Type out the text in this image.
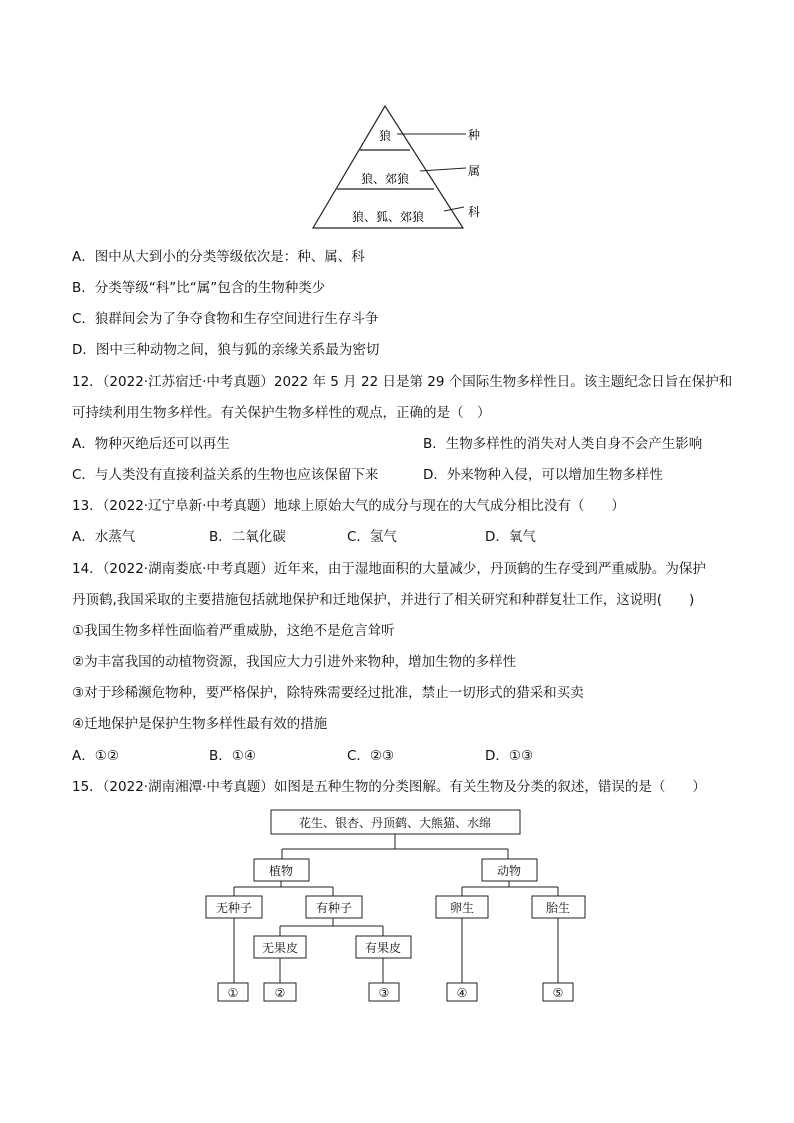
狼
狼、郊狼
狼、狐、郊狼
种
属
科
A．图中从大到小的分类等级依次是：种、属、科
B．分类等级“科”比“属”包含的生物种类少
C．狼群间会为了争夺食物和生存空间进行生存斗争
D．图中三种动物之间，狼与狐的亲缘关系最为密切
12．（2022·江苏宿迁·中考真题）2022 年 5 月 22 日是第 29 个国际生物多样性日。该主题纪念日旨在保护和
可持续利用生物多样性。有关保护生物多样性的观点，正确的是（　）
A．物种灭绝后还可以再生	B．生物多样性的消失对人类自身不会产生影响
C．与人类没有直接利益关系的生物也应该保留下来	D．外来物种入侵，可以增加生物多样性
13．（2022·辽宁阜新·中考真题）地球上原始大气的成分与现在的大气成分相比没有（　　）
A．水蒸气	B．二氧化碳	C．氢气	D．氧气
14．（2022·湖南娄底·中考真题）近年来，由于湿地面积的大量减少，丹顶鹤的生存受到严重威胁。为保护
丹顶鹤,我国采取的主要措施包括就地保护和迁地保护，并进行了相关研究和种群复壮工作，这说明(　　)
①我国生物多样性面临着严重威胁，这绝不是危言耸听
②为丰富我国的动植物资源，我国应大力引进外来物种，增加生物的多样性
③对于珍稀濒危物种，要严格保护，除特殊需要经过批准，禁止一切形式的猎采和买卖
④迁地保护是保护生物多样性最有效的措施
A．①②	B．①④	C．②③	D．①③
15．（2022·湖南湘潭·中考真题）如图是五种生物的分类图解。有关生物及分类的叙述，错误的是（　　）
花生、银杏、丹顶鹤、大熊猫、水绵
植物	动物
无种子	有种子	卵生	胎生
无果皮	有果皮
①	②	③	④	⑤
